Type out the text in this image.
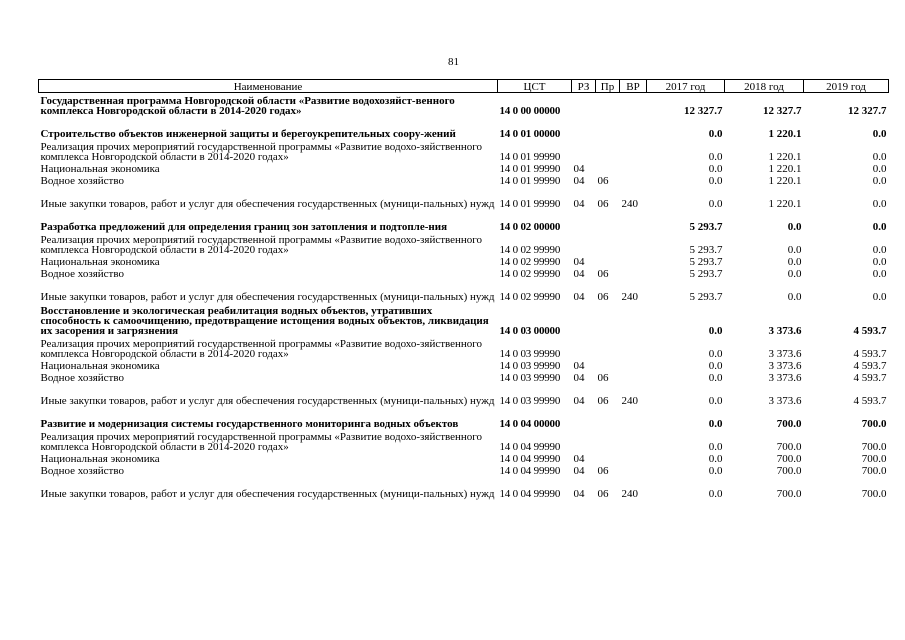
81
Наименование	ЦСТ	РЗ	Пр	ВР	2017 год	2018 год	2019 год
Государственная программа Новгородской области «Развитие водохозяйст-венного комплекса Новгородской области в 2014-2020 годах»	14 0 00 00000				12 327.7	12 327.7	12 327.7
Строительство объектов инженерной защиты и берегоукрепительных соору-жений	14 0 01 00000				0.0	1 220.1	0.0
Реализация прочих мероприятий государственной программы «Развитие водохо-зяйственного комплекса Новгородской области в 2014-2020 годах»	14 0 01 99990				0.0	1 220.1	0.0
Национальная экономика	14 0 01 99990	04			0.0	1 220.1	0.0
Водное хозяйство	14 0 01 99990	04	06		0.0	1 220.1	0.0
Иные закупки товаров, работ и услуг для обеспечения государственных (муници-пальных) нужд	14 0 01 99990	04	06	240	0.0	1 220.1	0.0
Разработка предложений для определения границ зон затопления и подтопле-ния	14 0 02 00000				5 293.7	0.0	0.0
Реализация прочих мероприятий государственной программы «Развитие водохо-зяйственного комплекса Новгородской области в 2014-2020 годах»	14 0 02 99990				5 293.7	0.0	0.0
Национальная экономика	14 0 02 99990	04			5 293.7	0.0	0.0
Водное хозяйство	14 0 02 99990	04	06		5 293.7	0.0	0.0
Иные закупки товаров, работ и услуг для обеспечения государственных (муници-пальных) нужд	14 0 02 99990	04	06	240	5 293.7	0.0	0.0
Восстановление и экологическая реабилитация водных объектов, утративших способность к самоочищению, предотвращение истощения водных объектов, ликвидация их засорения и загрязнения	14 0 03 00000				0.0	3 373.6	4 593.7
Реализация прочих мероприятий государственной программы «Развитие водохо-зяйственного комплекса Новгородской области в 2014-2020 годах»	14 0 03 99990				0.0	3 373.6	4 593.7
Национальная экономика	14 0 03 99990	04			0.0	3 373.6	4 593.7
Водное хозяйство	14 0 03 99990	04	06		0.0	3 373.6	4 593.7
Иные закупки товаров, работ и услуг для обеспечения государственных (муници-пальных) нужд	14 0 03 99990	04	06	240	0.0	3 373.6	4 593.7
Развитие и модернизация системы государственного мониторинга водных объектов	14 0 04 00000				0.0	700.0	700.0
Реализация прочих мероприятий государственной программы «Развитие водохо-зяйственного комплекса Новгородской области в 2014-2020 годах»	14 0 04 99990				0.0	700.0	700.0
Национальная экономика	14 0 04 99990	04			0.0	700.0	700.0
Водное хозяйство	14 0 04 99990	04	06		0.0	700.0	700.0
Иные закупки товаров, работ и услуг для обеспечения государственных (муници-пальных) нужд	14 0 04 99990	04	06	240	0.0	700.0	700.0
